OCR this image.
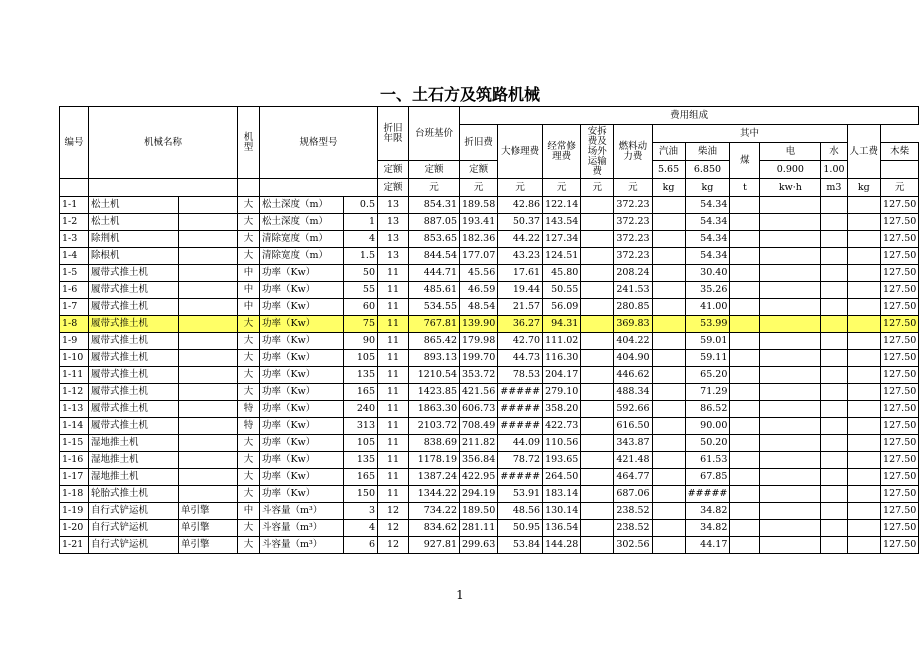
一、土石方及筑路机械
编号	机械名称		机型	规格型号		折旧年限	台班基价	费用组成											
								折旧费	大修理费	经常修理费	安拆费及场外运输费	燃料动力费	其中					人工费	
													汽油	柴油	煤	电	水		木柴
						定额	定额	定额					5.65	6.850		0.900	1.00		
						定额	元	元	元	元	元	元	kg	kg	t	kw·h	m3	kg	元
1-1	松土机		大	松土深度（m）	0.5	13	854.31	189.58	42.86	122.14		372.23		54.34					127.50
1-2	松土机		大	松土深度（m）	1	13	887.05	193.41	50.37	143.54		372.23		54.34					127.50
1-3	除荆机		大	清除宽度（m）	4	13	853.65	182.36	44.22	127.34		372.23		54.34					127.50
1-4	除根机		大	清除宽度（m）	1.5	13	844.54	177.07	43.23	124.51		372.23		54.34					127.50
1-5	履带式推土机		中	功率（Kw）	50	11	444.71	45.56	17.61	45.80		208.24		30.40					127.50
1-6	履带式推土机		中	功率（Kw）	55	11	485.61	46.59	19.44	50.55		241.53		35.26					127.50
1-7	履带式推土机		中	功率（Kw）	60	11	534.55	48.54	21.57	56.09		280.85		41.00					127.50
1-8	履带式推土机		大	功率（Kw）	75	11	767.81	139.90	36.27	94.31		369.83		53.99					127.50
1-9	履带式推土机		大	功率（Kw）	90	11	865.42	179.98	42.70	111.02		404.22		59.01					127.50
1-10	履带式推土机		大	功率（Kw）	105	11	893.13	199.70	44.73	116.30		404.90		59.11					127.50
1-11	履带式推土机		大	功率（Kw）	135	11	1210.54	353.72	78.53	204.17		446.62		65.20					127.50
1-12	履带式推土机		大	功率（Kw）	165	11	1423.85	421.56	#####	279.10		488.34		71.29					127.50
1-13	履带式推土机		特	功率（Kw）	240	11	1863.30	606.73	#####	358.20		592.66		86.52					127.50
1-14	履带式推土机		特	功率（Kw）	313	11	2103.72	708.49	#####	422.73		616.50		90.00					127.50
1-15	湿地推土机		大	功率（Kw）	105	11	838.69	211.82	44.09	110.56		343.87		50.20					127.50
1-16	湿地推土机		大	功率（Kw）	135	11	1178.19	356.84	78.72	193.65		421.48		61.53					127.50
1-17	湿地推土机		大	功率（Kw）	165	11	1387.24	422.95	#####	264.50		464.77		67.85					127.50
1-18	轮胎式推土机		大	功率（Kw）	150	11	1344.22	294.19	53.91	183.14		687.06		#####					127.50
1-19	自行式铲运机	单引擎	中	斗容量（m³）	3	12	734.22	189.50	48.56	130.14		238.52		34.82					127.50
1-20	自行式铲运机	单引擎	大	斗容量（m³）	4	12	834.62	281.11	50.95	136.54		238.52		34.82					127.50
1-21	自行式铲运机	单引擎	大	斗容量（m³）	6	12	927.81	299.63	53.84	144.28		302.56		44.17					127.50
1
